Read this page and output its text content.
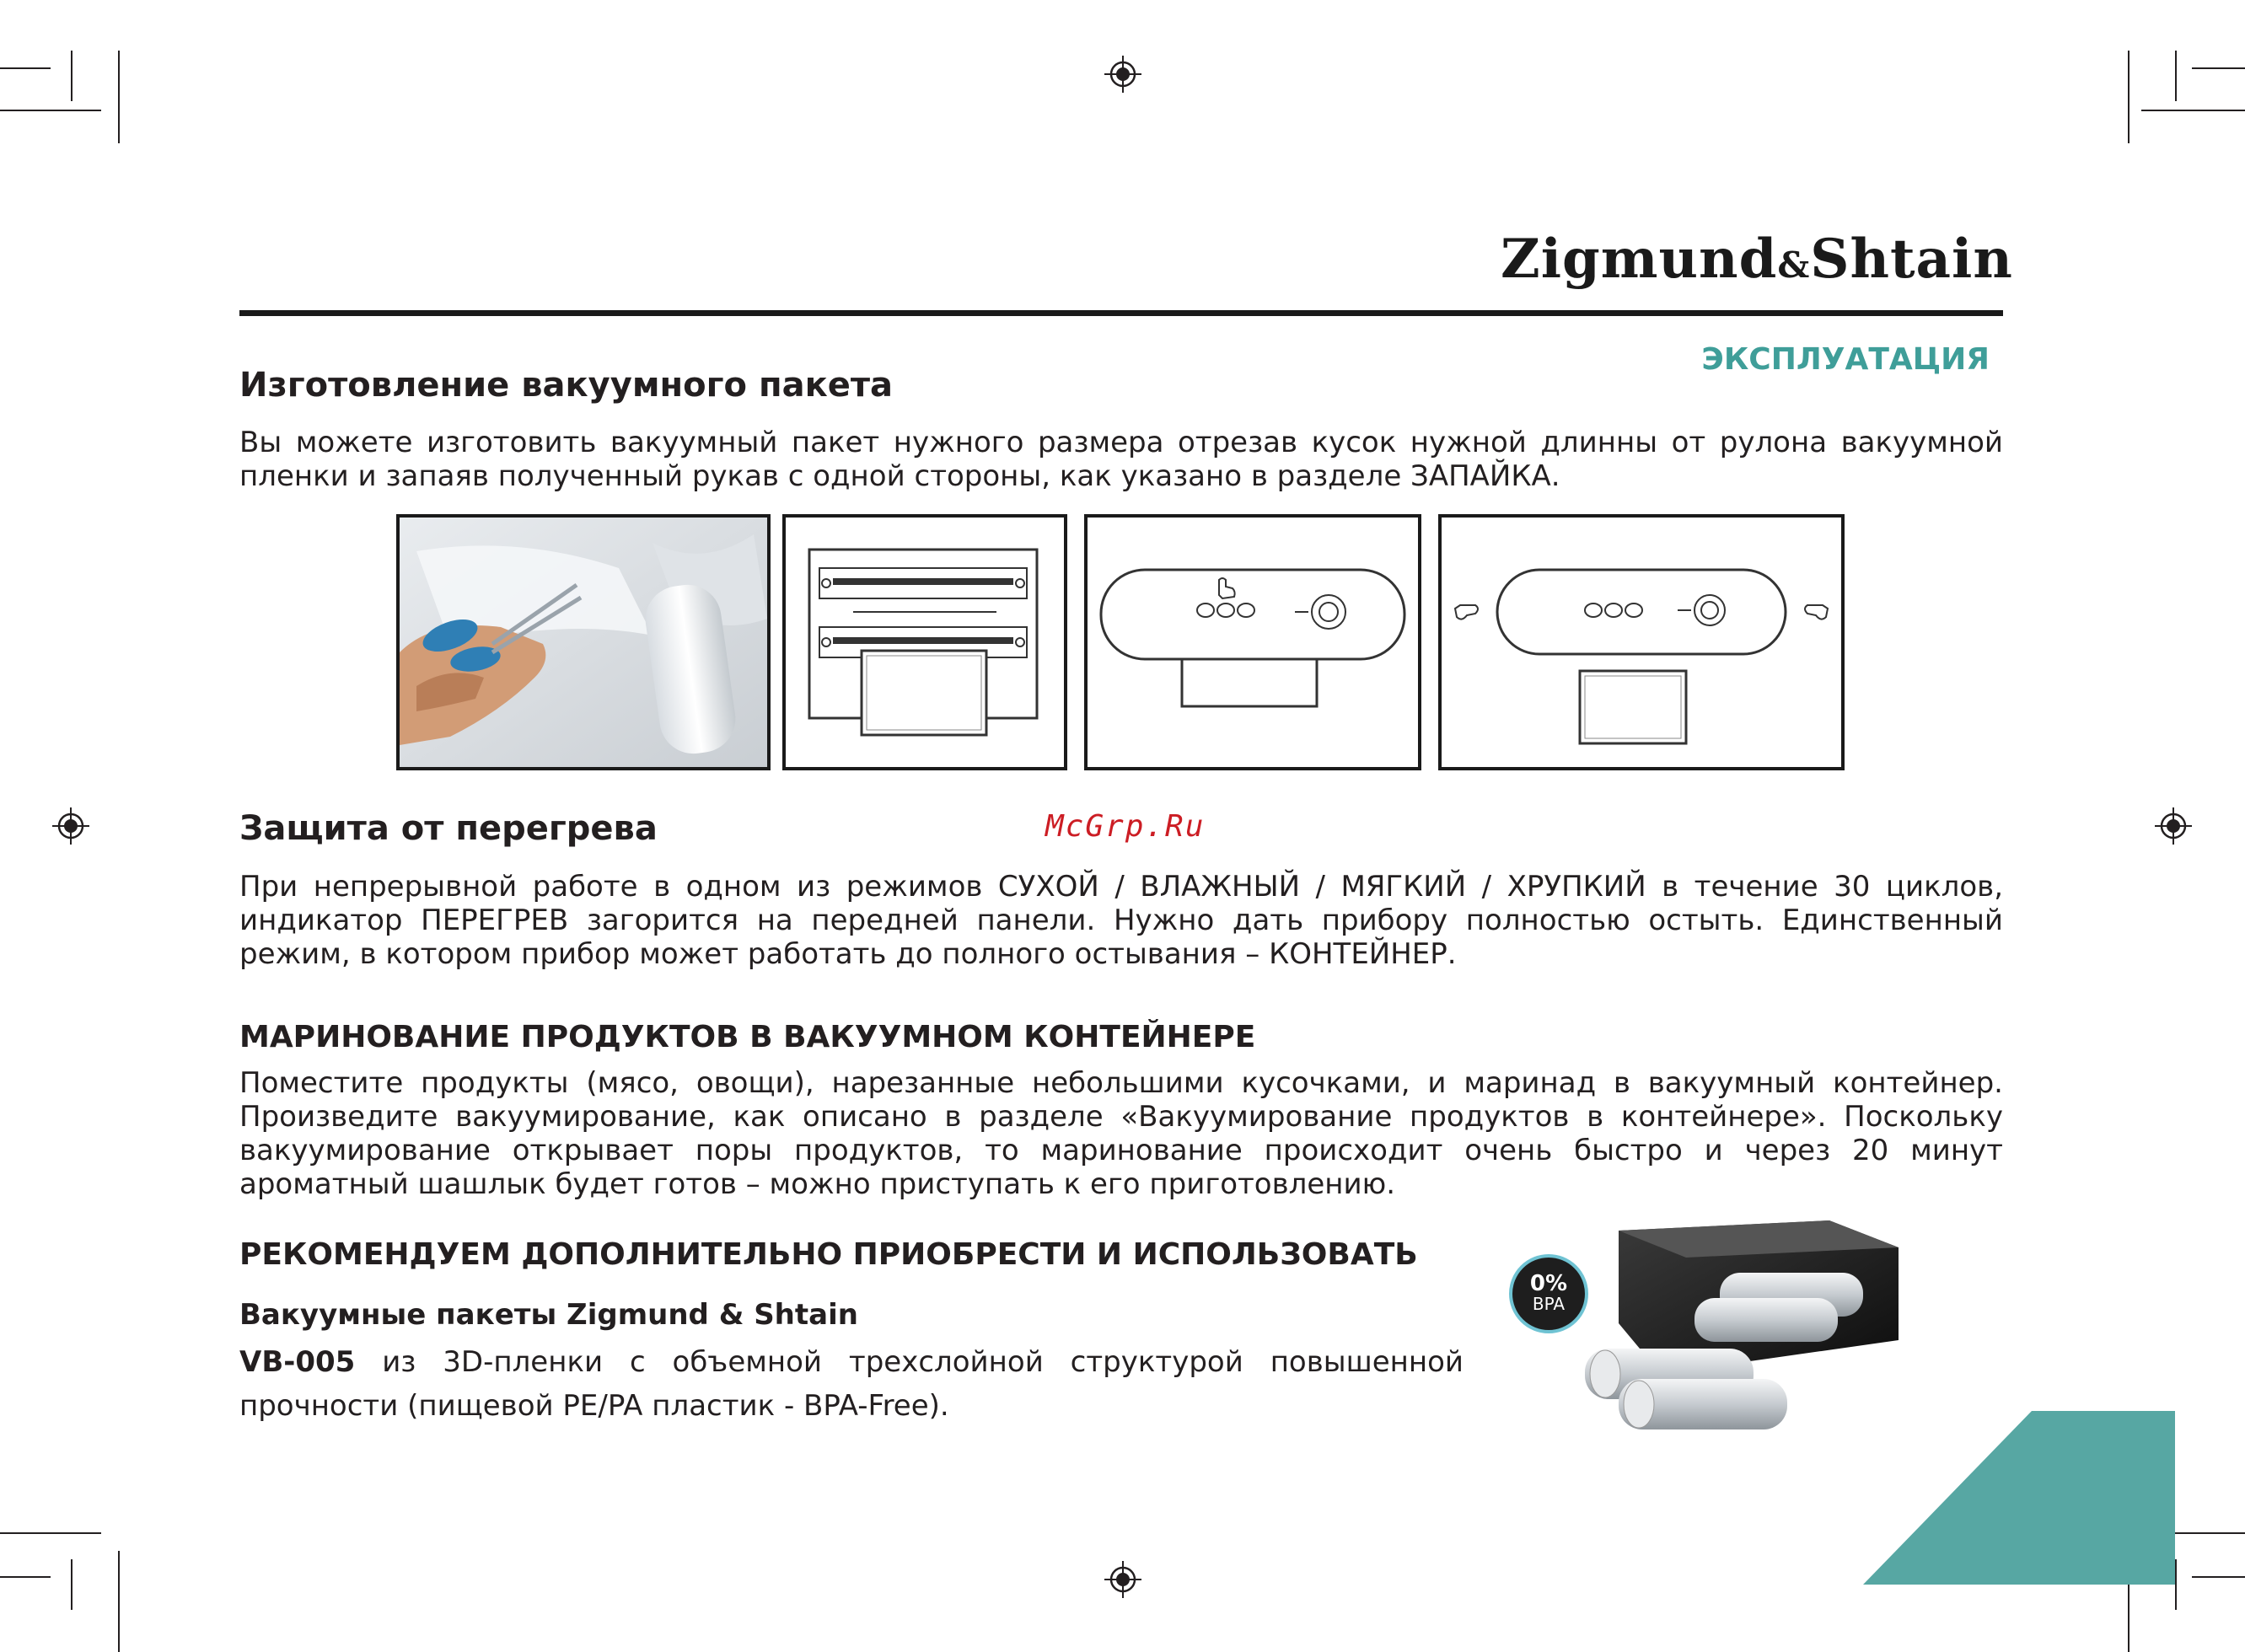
Zigmund&Shtain
ЭКСПЛУАТАЦИЯ
Изготовление вакуумного пакета

Вы можете изготовить вакуумный пакет нужного размера отрезав кусок нужной длинны от рулона вакуумной пленки и запаяв полученный рукав с одной стороны, как указано в разделе ЗАПАЙКА.

Защита от перегрева	McGrp.Ru

При непрерывной работе в одном из режимов СУХОЙ / ВЛАЖНЫЙ / МЯГКИЙ / ХРУПКИЙ в течение 30 циклов, индикатор ПЕРЕГРЕВ загорится на передней панели. Нужно дать прибору полностью остыть. Единственный режим, в котором прибор может работать до полного остывания – КОНТЕЙНЕР.

МАРИНОВАНИЕ ПРОДУКТОВ В ВАКУУМНОМ КОНТЕЙНЕРЕ

Поместите продукты (мясо, овощи), нарезанные небольшими кусочками, и маринад в вакуумный контейнер. Произведите вакуумирование, как описано в разделе «Вакуумирование продуктов в контейнере». Поскольку вакуумирование открывает поры продуктов, то маринование происходит очень быстро и через 20 минут ароматный шашлык будет готов – можно приступать к его приготовлению.

РЕКОМЕНДУЕМ ДОПОЛНИТЕЛЬНО ПРИОБРЕСТИ И ИСПОЛЬЗОВАТЬ
Вакуумные пакеты Zigmund & Shtain

VB-005 из 3D-пленки с объемной трехслойной структурой повышенной

прочности (пищевой PE/PA пластик - BPA-Free).

0%
BPA
